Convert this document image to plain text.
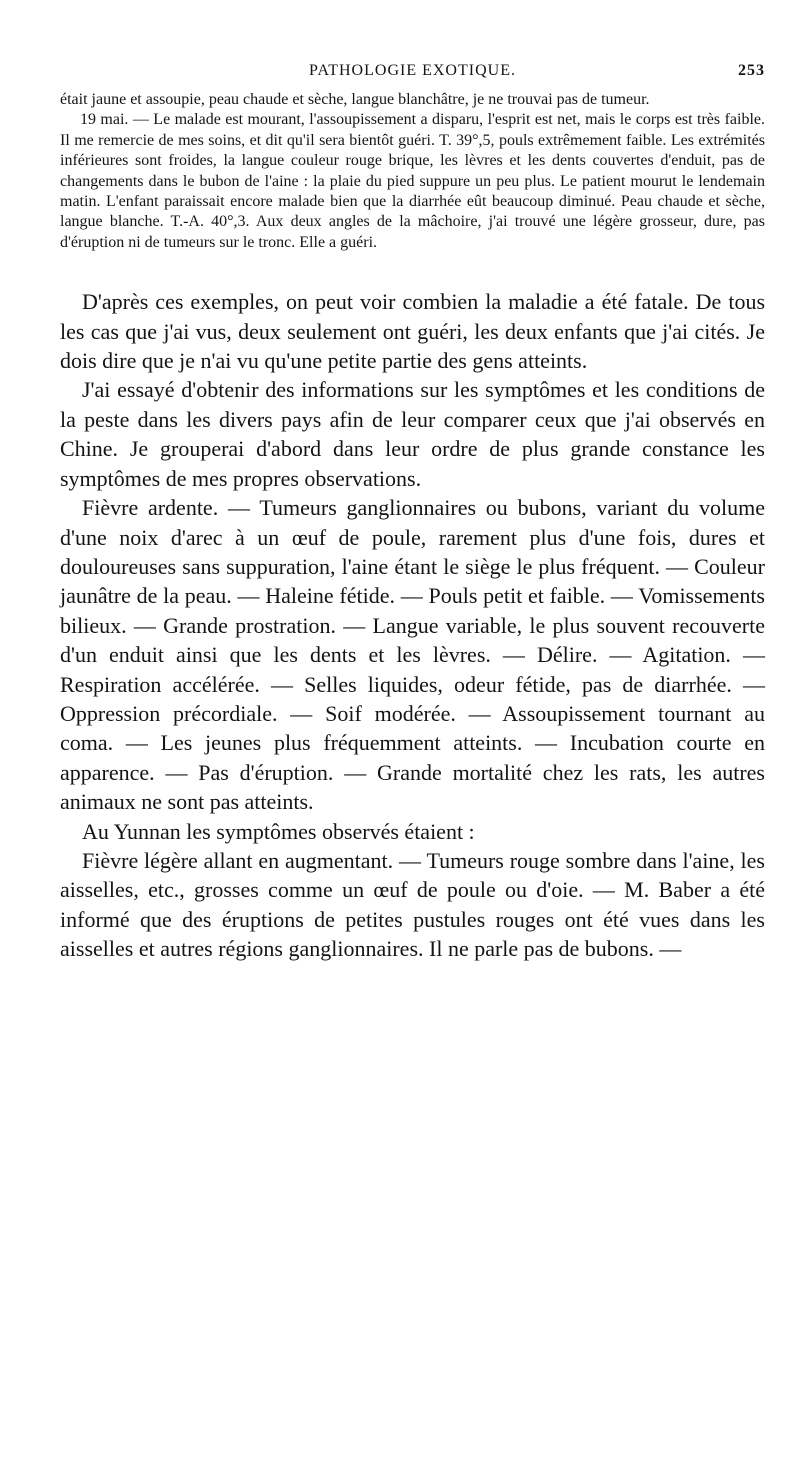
PATHOLOGIE EXOTIQUE.	253

était jaune et assoupie, peau chaude et sèche, langue blanchâtre, je ne trouvai pas de tumeur.

19 mai. — Le malade est mourant, l'assoupissement a disparu, l'esprit est net, mais le corps est très faible. Il me remercie de mes soins, et dit qu'il sera bientôt guéri. T. 39°,5, pouls extrêmement faible. Les extrémités inférieures sont froides, la langue couleur rouge brique, les lèvres et les dents couvertes d'enduit, pas de changements dans le bubon de l'aine : la plaie du pied suppure un peu plus. Le patient mourut le lendemain matin. L'enfant paraissait encore malade bien que la diarrhée eût beaucoup diminué. Peau chaude et sèche, langue blanche. T.-A. 40°,3. Aux deux angles de la mâchoire, j'ai trouvé une légère grosseur, dure, pas d'éruption ni de tumeurs sur le tronc. Elle a guéri.

D'après ces exemples, on peut voir combien la maladie a été fatale. De tous les cas que j'ai vus, deux seulement ont guéri, les deux enfants que j'ai cités. Je dois dire que je n'ai vu qu'une petite partie des gens atteints.

J'ai essayé d'obtenir des informations sur les symptômes et les conditions de la peste dans les divers pays afin de leur comparer ceux que j'ai observés en Chine. Je grouperai d'abord dans leur ordre de plus grande constance les symptômes de mes propres observations.

Fièvre ardente. — Tumeurs ganglionnaires ou bubons, variant du volume d'une noix d'arec à un œuf de poule, rarement plus d'une fois, dures et douloureuses sans suppuration, l'aine étant le siège le plus fréquent. — Couleur jaunâtre de la peau. — Haleine fétide. — Pouls petit et faible. — Vomissements bilieux. — Grande prostration. — Langue variable, le plus souvent recouverte d'un enduit ainsi que les dents et les lèvres. — Délire. — Agitation. — Respiration accélérée. — Selles liquides, odeur fétide, pas de diarrhée. — Oppression précordiale. — Soif modérée. — Assoupissement tournant au coma. — Les jeunes plus fréquemment atteints. — Incubation courte en apparence. — Pas d'éruption. — Grande mortalité chez les rats, les autres animaux ne sont pas atteints.

Au Yunnan les symptômes observés étaient :

Fièvre légère allant en augmentant. — Tumeurs rouge sombre dans l'aine, les aisselles, etc., grosses comme un œuf de poule ou d'oie. — M. Baber a été informé que des éruptions de petites pustules rouges ont été vues dans les aisselles et autres régions ganglionnaires. Il ne parle pas de bubons. —
